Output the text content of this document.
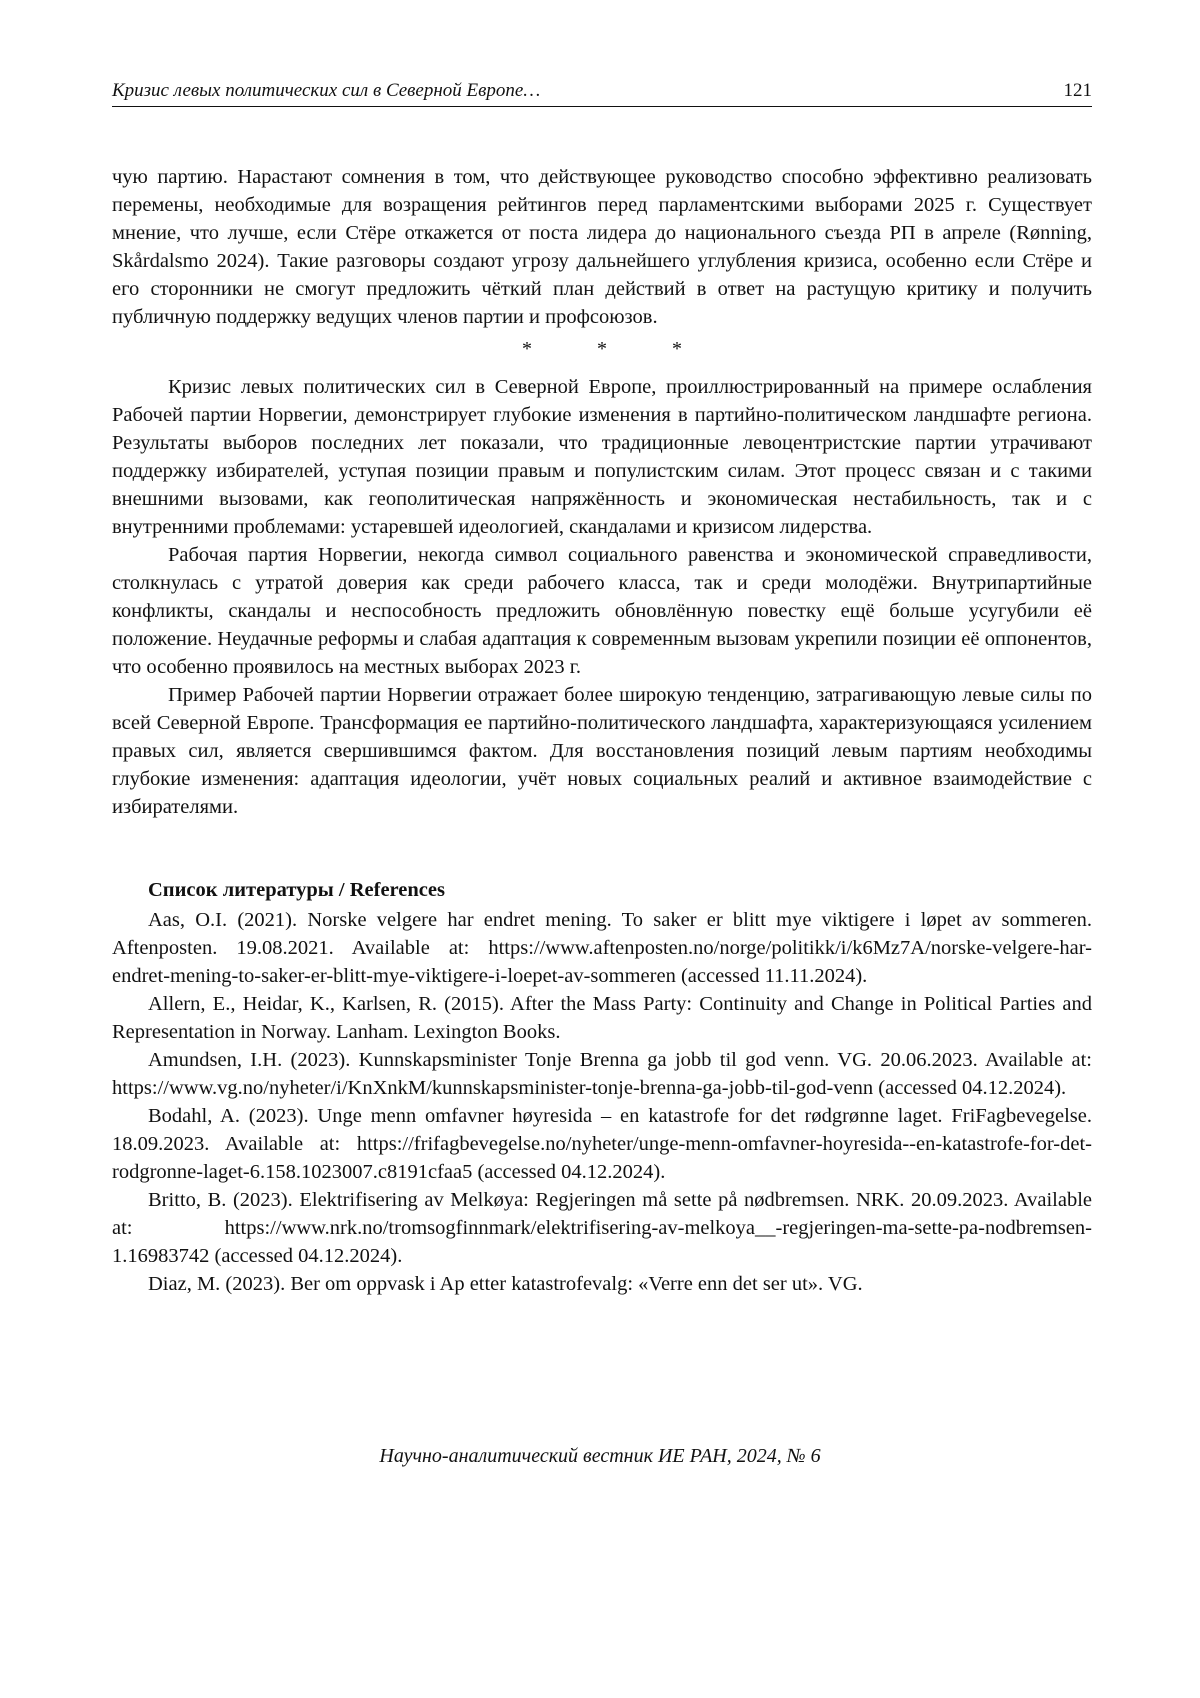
Кризис левых политических сил в Северной Европе…	121

чую партию. Нарастают сомнения в том, что действующее руководство способно эффективно реализовать перемены, необходимые для возращения рейтингов перед парламентскими выборами 2025 г. Существует мнение, что лучше, если Стёре откажется от поста лидера до национального съезда РП в апреле (Rønning, Skårdalsmo 2024). Такие разговоры создают угрозу дальнейшего углубления кризиса, особенно если Стёре и его сторонники не смогут предложить чёткий план действий в ответ на растущую критику и получить публичную поддержку ведущих членов партии и профсоюзов.

*	*	*

Кризис левых политических сил в Северной Европе, проиллюстрированный на примере ослабления Рабочей партии Норвегии, демонстрирует глубокие изменения в партийно-политическом ландшафте региона. Результаты выборов последних лет показали, что традиционные левоцентристские партии утрачивают поддержку избирателей, уступая позиции правым и популистским силам. Этот процесс связан и с такими внешними вызовами, как геополитическая напряжённость и экономическая нестабильность, так и с внутренними проблемами: устаревшей идеологией, скандалами и кризисом лидерства.

Рабочая партия Норвегии, некогда символ социального равенства и экономической справедливости, столкнулась с утратой доверия как среди рабочего класса, так и среди молодёжи. Внутрипартийные конфликты, скандалы и неспособность предложить обновлённую повестку ещё больше усугубили её положение. Неудачные реформы и слабая адаптация к современным вызовам укрепили позиции её оппонентов, что особенно проявилось на местных выборах 2023 г.

Пример Рабочей партии Норвегии отражает более широкую тенденцию, затрагивающую левые силы по всей Северной Европе. Трансформация ее партийно-политического ландшафта, характеризующаяся усилением правых сил, является свершившимся фактом. Для восстановления позиций левым партиям необходимы глубокие изменения: адаптация идеологии, учёт новых социальных реалий и активное взаимодействие с избирателями.

Список литературы / References

Aas, O.I. (2021). Norske velgere har endret mening. To saker er blitt mye viktigere i løpet av sommeren. Aftenposten. 19.08.2021. Available at: https://www.aftenposten.no/norge/politikk/i/k6Mz7A/norske-velgere-har-endret-mening-to-saker-er-blitt-mye-viktigere-i-loepet-av-sommeren (accessed 11.11.2024).

Allern, E., Heidar, K., Karlsen, R. (2015). After the Mass Party: Continuity and Change in Political Parties and Representation in Norway. Lanham. Lexington Books.

Amundsen, I.H. (2023). Kunnskapsminister Tonje Brenna ga jobb til god venn. VG. 20.06.2023. Available at: https://www.vg.no/nyheter/i/KnXnkM/kunnskapsminister-tonje-brenna-ga-jobb-til-god-venn (accessed 04.12.2024).

Bodahl, A. (2023). Unge menn omfavner høyresida – en katastrofe for det rødgrønne laget. FriFagbevegelse. 18.09.2023. Available at: https://frifagbevegelse.no/nyheter/unge-menn-omfavner-hoyresida--en-katastrofe-for-det-rodgronne-laget-6.158.1023007.c8191cfaa5 (accessed 04.12.2024).

Britto, B. (2023). Elektrifisering av Melkøya: Regjeringen må sette på nødbremsen. NRK. 20.09.2023. Available at: https://www.nrk.no/tromsogfinnmark/elektrifisering-av-melkoya__-regjeringen-ma-sette-pa-nodbremsen-1.16983742 (accessed 04.12.2024).

Diaz, M. (2023). Ber om oppvask i Ap etter katastrofevalg: «Verre enn det ser ut». VG.

Научно-аналитический вестник ИЕ РАН, 2024, № 6
